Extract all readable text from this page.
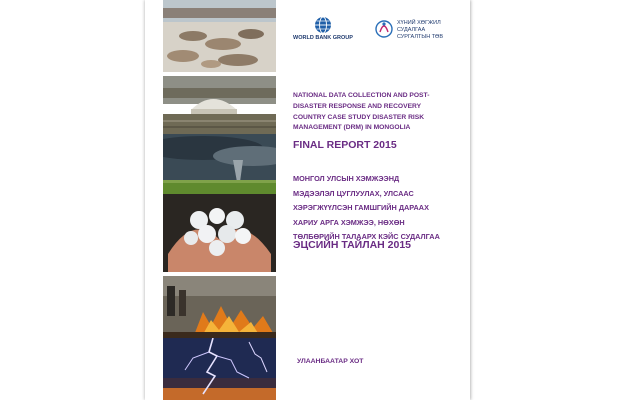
WORLD BANK GROUP
ХҮНИЙ ХӨГЖИЛ
СУДАЛГАА
СУРГАЛТЫН ТӨВ
NATIONAL DATA COLLECTION AND POST-
DISASTER RESPONSE AND RECOVERY
COUNTRY CASE STUDY DISASTER RISK
MANAGEMENT (DRM) IN MONGOLIA
FINAL REPORT 2015
МОНГОЛ УЛСЫН ХЭМЖЭЭНД
МЭДЭЭЛЭЛ ЦУГЛУУЛАХ, УЛСААС
ХЭРЭГЖҮҮЛСЭН ГАМШГИЙН ДАРААХ
ХАРИУ АРГА ХЭМЖЭЭ, НӨХӨН
ТӨЛБӨРИЙН ТАЛААРХ КЭЙС СУДАЛГАА
ЭЦСИЙН ТАЙЛАН 2015
УЛААНБААТАР ХОТ
